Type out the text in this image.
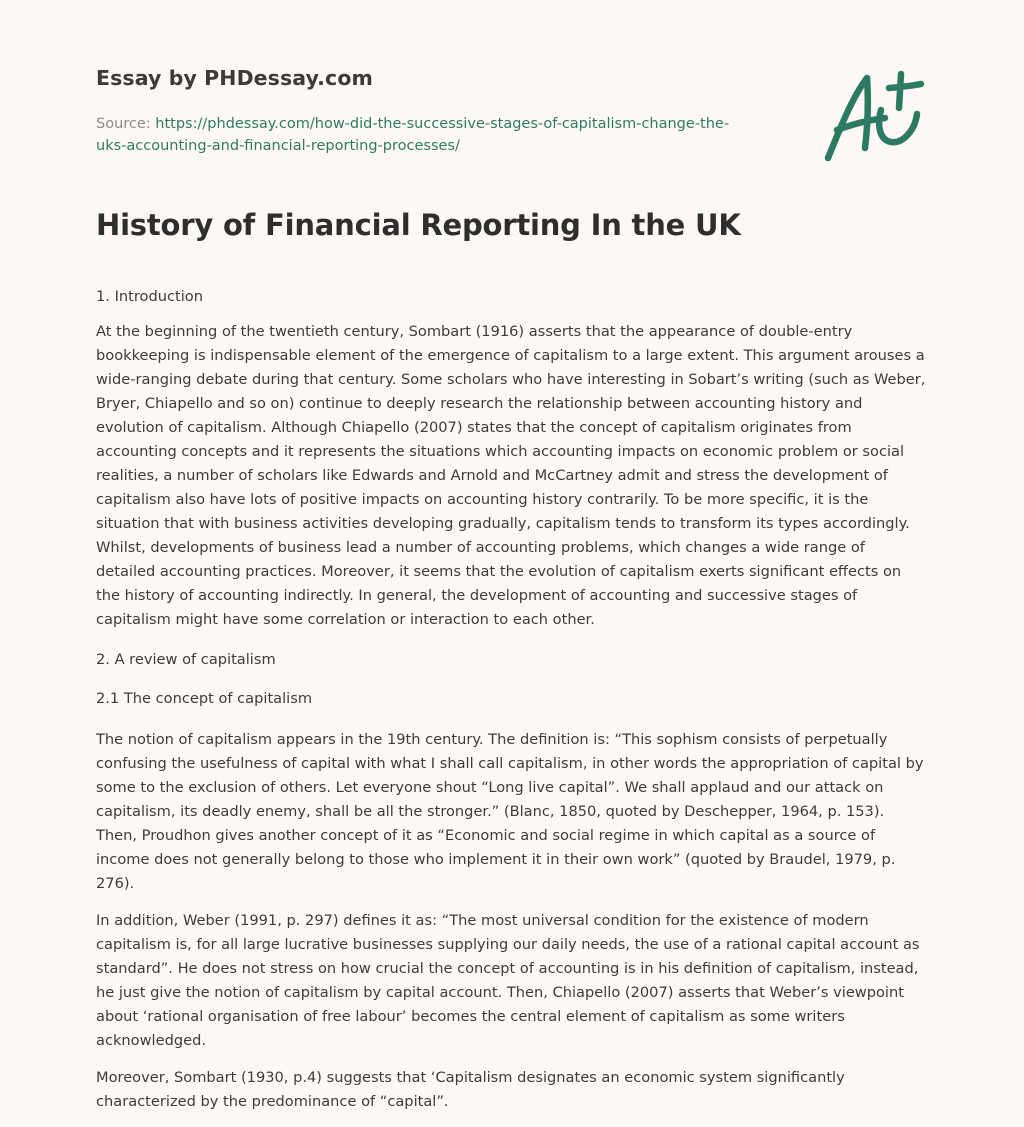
Essay by PHDessay.com
Source: https://phdessay.com/how-did-the-successive-stages-of-capitalism-change-the-
uks-accounting-and-financial-reporting-processes/
History of Financial Reporting In the UK

1. Introduction

At the beginning of the twentieth century, Sombart (1916) asserts that the appearance of double-entry bookkeeping is indispensable element of the emergence of capitalism to a large extent. This argument arouses a wide-ranging debate during that century. Some scholars who have interesting in Sobart’s writing (such as Weber, Bryer, Chiapello and so on) continue to deeply research the relationship between accounting history and evolution of capitalism. Although Chiapello (2007) states that the concept of capitalism originates from accounting concepts and it represents the situations which accounting impacts on economic problem or social realities, a number of scholars like Edwards and Arnold and McCartney admit and stress the development of capitalism also have lots of positive impacts on accounting history contrarily. To be more specific, it is the situation that with business activities developing gradually, capitalism tends to transform its types accordingly. Whilst, developments of business lead a number of accounting problems, which changes a wide range of detailed accounting practices. Moreover, it seems that the evolution of capitalism exerts significant effects on the history of accounting indirectly. In general, the development of accounting and successive stages of capitalism might have some correlation or interaction to each other.

2. A review of capitalism

2.1 The concept of capitalism

The notion of capitalism appears in the 19th century. The definition is: “This sophism consists of perpetually confusing the usefulness of capital with what I shall call capitalism, in other words the appropriation of capital by some to the exclusion of others. Let everyone shout “Long live capital”. We shall applaud and our attack on capitalism, its deadly enemy, shall be all the stronger.” (Blanc, 1850, quoted by Deschepper, 1964, p. 153). Then, Proudhon gives another concept of it as “Economic and social regime in which capital as a source of income does not generally belong to those who implement it in their own work” (quoted by Braudel, 1979, p. 276).

In addition, Weber (1991, p. 297) defines it as: “The most universal condition for the existence of modern capitalism is, for all large lucrative businesses supplying our daily needs, the use of a rational capital account as standard”. He does not stress on how crucial the concept of accounting is in his definition of capitalism, instead, he just give the notion of capitalism by capital account. Then, Chiapello (2007) asserts that Weber’s viewpoint about ‘rational organisation of free labour’ becomes the central element of capitalism as some writers acknowledged.

Moreover, Sombart (1930, p.4) suggests that ‘Capitalism designates an economic system significantly characterized by the predominance of “capital”.
